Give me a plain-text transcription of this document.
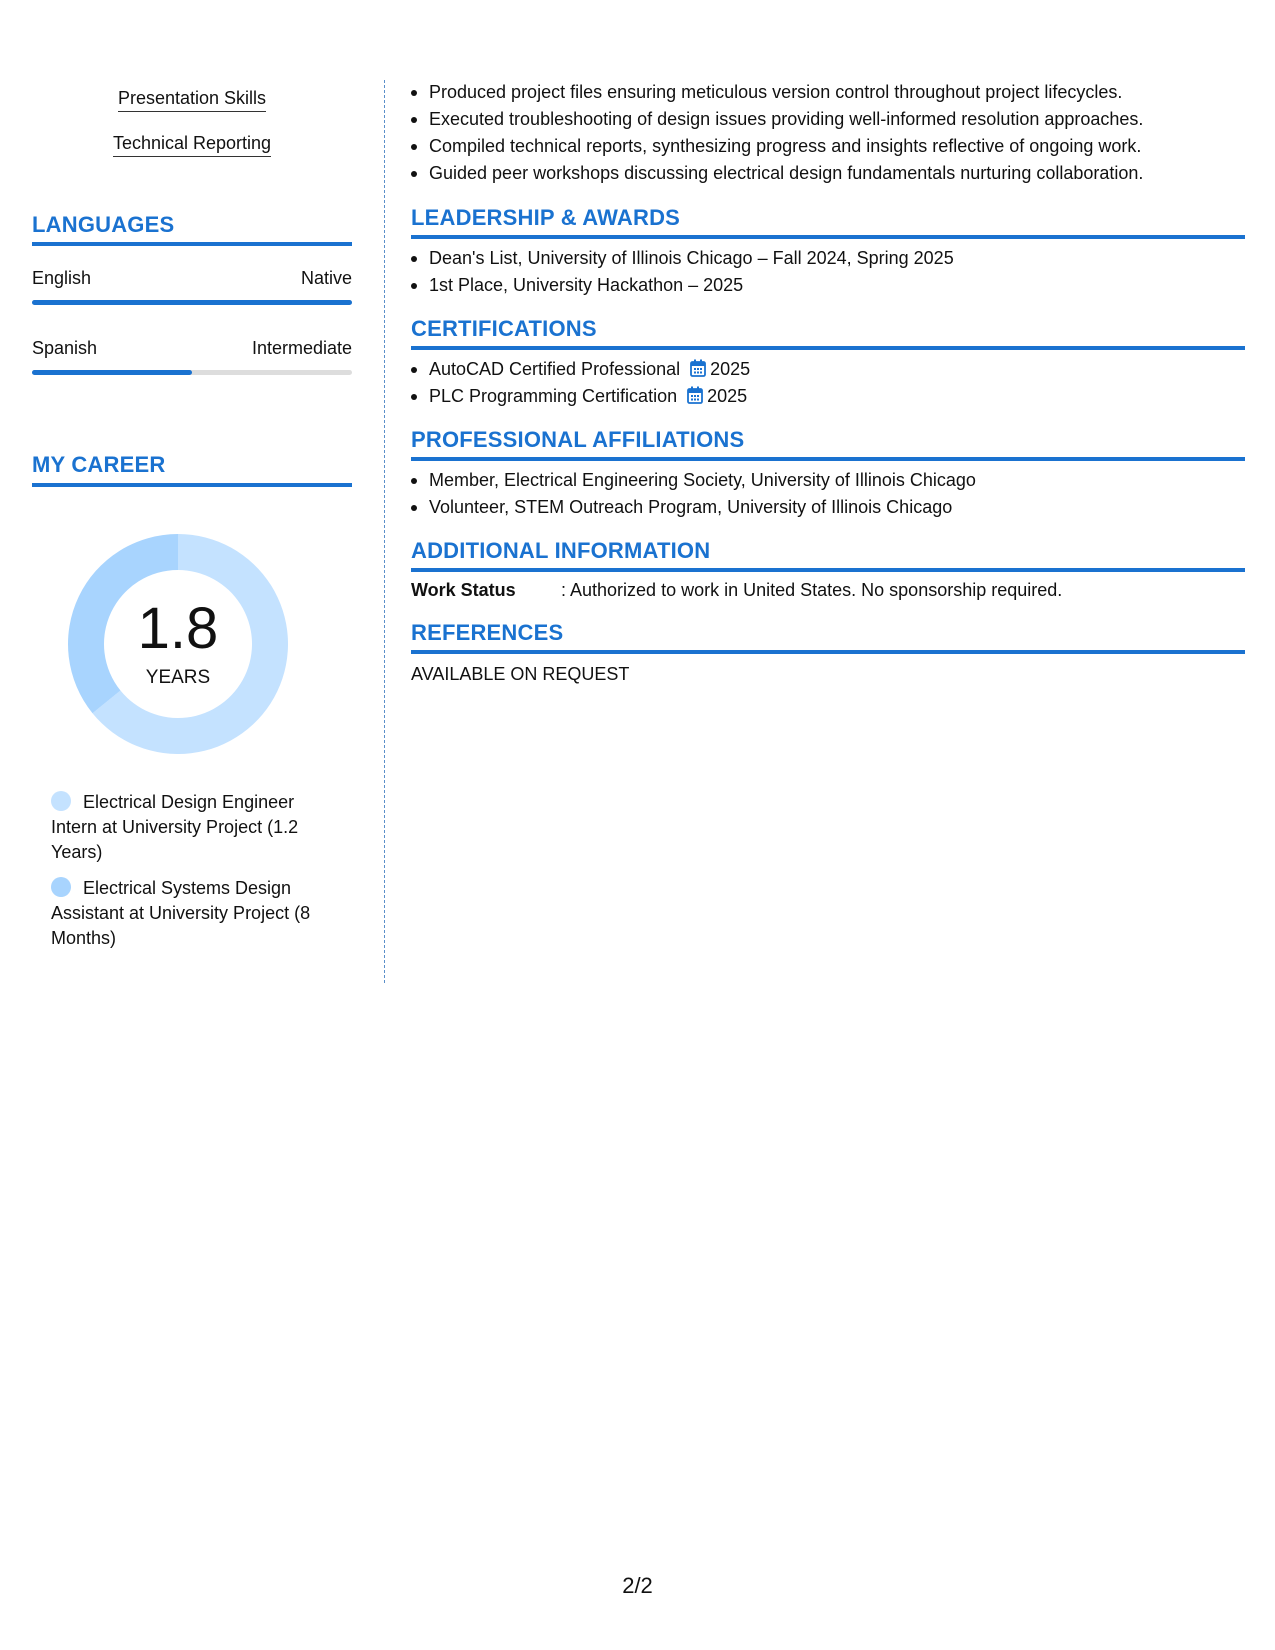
Presentation Skills
Technical Reporting
LANGUAGES
English	Native
Spanish	Intermediate
MY CAREER
1.8
YEARS
Electrical Design Engineer Intern at University Project (1.2 Years)
Electrical Systems Design Assistant at University Project (8 Months)
Produced project files ensuring meticulous version control throughout project lifecycles.
Executed troubleshooting of design issues providing well-informed resolution approaches.
Compiled technical reports, synthesizing progress and insights reflective of ongoing work.
Guided peer workshops discussing electrical design fundamentals nurturing collaboration.
LEADERSHIP & AWARDS
Dean's List, University of Illinois Chicago – Fall 2024, Spring 2025
1st Place, University Hackathon – 2025
CERTIFICATIONS
AutoCAD Certified Professional 2025
PLC Programming Certification 2025
PROFESSIONAL AFFILIATIONS
Member, Electrical Engineering Society, University of Illinois Chicago
Volunteer, STEM Outreach Program, University of Illinois Chicago
ADDITIONAL INFORMATION
Work Status	: Authorized to work in United States. No sponsorship required.
REFERENCES
AVAILABLE ON REQUEST
2/2
